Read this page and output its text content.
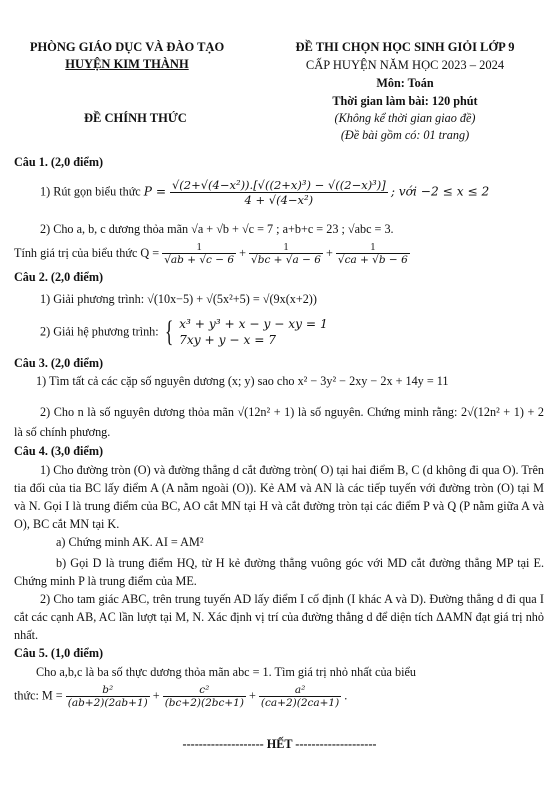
PHÒNG GIÁO DỤC VÀ ĐÀO TẠO
HUYỆN KIM THÀNH
ĐỀ CHÍNH THỨC
ĐỀ THI CHỌN HỌC SINH GIỎI LỚP 9
CẤP HUYỆN NĂM HỌC 2023 – 2024
Môn: Toán
Thời gian làm bài: 120 phút
(Không kể thời gian giao đề)
(Đề bài gồm có: 01 trang)
Câu 1. (2,0 điểm)
1) Rút gọn biểu thức $P = \frac{\text{√(2+√(4−x²)).[√((2+x)³) − √((2−x)³)]}}{\text{4 + √(4−x²)}}$ ; với −2 ≤ x ≤ 2
2) Cho a, b, c dương thỏa mãn √a + √b + √c = 7 ; a+b+c = 23 ; √abc = 3.
Tính giá trị của biểu thức $Q = \frac{1}{√ab + √c - 6} + \frac{1}{√bc + √a - 6} + \frac{1}{√ca + √b - 6}$
Câu 2. (2,0 điểm)
1) Giải phương trình: √(10x−5) + √(5x²+5) = √(9x(x+2))
2) Giải hệ phương trình: { x³ + y³ + x − y − xy = 1
7xy + y − x = 7
Câu 3. (2,0 điểm)
1) Tìm tất cả các cặp số nguyên dương (x; y) sao cho x² − 3y² − 2xy − 2x + 14y = 11
2) Cho n là số nguyên dương thỏa mãn √(12n² + 1) là số nguyên. Chứng minh rằng: 2√(12n² + 1) + 2 là số chính phương.
Câu 4. (3,0 điểm)
1) Cho đường tròn (O) và đường thẳng d cắt đường tròn( O) tại hai điểm B, C (d không đi qua O). Trên tia đối của tia BC lấy điểm A (A nằm ngoài (O)). Kẻ AM và AN là các tiếp tuyến với đường tròn (O) tại M và N. Gọi I là trung điểm của BC, AO cắt MN tại H và cắt đường tròn tại các điểm P và Q (P nằm giữa A và O), BC cắt MN tại K.
a) Chứng minh AK. AI = AM²
b) Gọi D là trung điểm HQ, từ H kẻ đường thẳng vuông góc với MD cắt đường thẳng MP tại E. Chứng minh P là trung điểm của ME.
2) Cho tam giác ABC, trên trung tuyến AD lấy điểm I cố định (I khác A và D). Đường thẳng d đi qua I cắt các cạnh AB, AC lần lượt tại M, N. Xác định vị trí của đường thẳng d để diện tích ΔAMN đạt giá trị nhỏ nhất.
Câu 5. (1,0 điểm)
Cho a,b,c là ba số thực dương thỏa mãn abc = 1. Tìm giá trị nhỏ nhất của biểu
thức: $M = \frac{\text{b²}}{(ab+2)(2ab+1)} + \frac{\text{c²}}{(bc+2)(2bc+1)} + \frac{\text{a²}}{(ca+2)(2ca+1)}$ .
-------------------- HẾT --------------------
